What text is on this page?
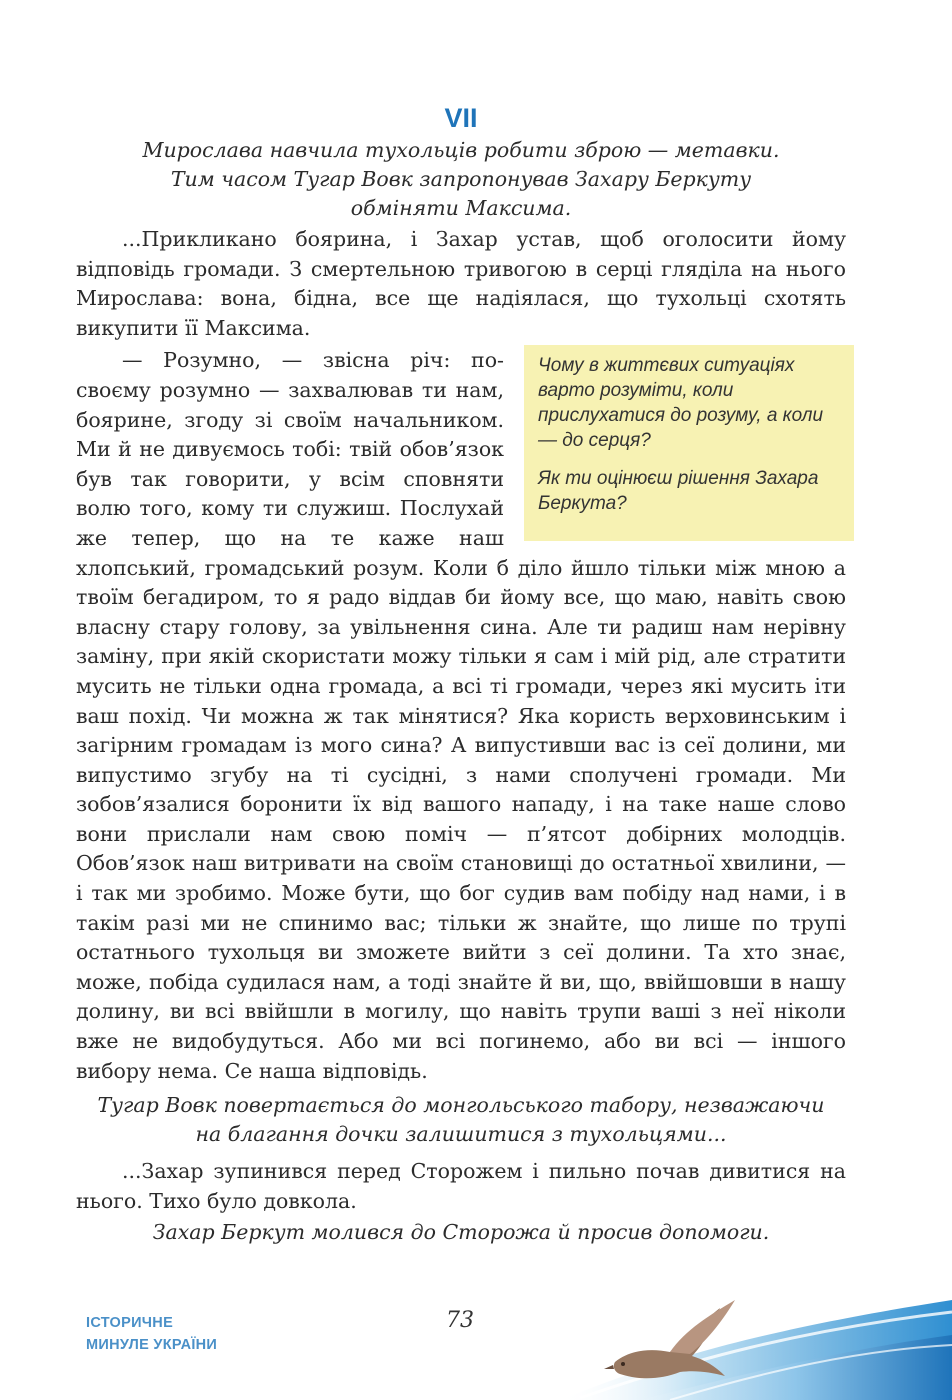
VII

Мирослава навчила тухольців робити зброю — метавки.

Тим часом Тугар Вовк запропонував Захару Беркуту

обміняти Максима.

...Прикликано боярина, і Захар устав, щоб оголосити йому відповідь громади. З смертельною тривогою в серці гляділа на нього Мирослава: вона, бідна, все ще надіялася, що тухольці схотять викупити її Максима.

Чому в життєвих ситуаціях варто розуміти, коли прислухатися до розуму, а коли — до серця?

Як ти оцінюєш рішення Захара Беркута?

— Розумно, — звісна річ: по-своєму розумно — захвалював ти нам, боярине, згоду зі своїм начальником. Ми й не дивуємось тобі: твій обов’язок був так говорити, у всім сповняти волю того, кому ти служиш. Послухай же тепер, що на те каже наш хлопський, громадський розум. Коли б діло йшло тільки між мною а твоїм бегадиром, то я радо віддав би йому все, що маю, навіть свою власну стару голову, за увільнення сина. Але ти радиш нам нерівну заміну, при якій скористати можу тільки я сам і мій рід, але стратити мусить не тільки одна громада, а всі ті громади, через які мусить іти ваш похід. Чи можна ж так мінятися? Яка користь верховинським і загірним громадам із мого сина? А випустивши вас із сеї долини, ми випустимо згубу на ті сусідні, з нами сполучені громади. Ми зобов’язалися боронити їх від вашого нападу, і на таке наше слово вони прислали нам свою поміч — п’ятсот добірних молодців. Обов’язок наш витривати на своїм становищі до остатньої хвилини, — і так ми зробимо. Може бути, що бог судив вам побіду над нами, і в такім разі ми не спинимо вас; тільки ж знайте, що лише по трупі остатнього тухольця ви зможете вийти з сеї долини. Та хто знає, може, побіда судилася нам, а тоді знайте й ви, що, ввійшовши в нашу долину, ви всі ввійшли в могилу, що навіть трупи ваші з неї ніколи вже не видобудуться. Або ми всі погинемо, або ви всі — іншого вибору нема. Се наша відповідь.

Тугар Вовк повертається до монгольського табору, незважаючи

на благання дочки залишитися з тухольцями...

...Захар зупинився перед Сторожем і пильно почав дивитися на нього. Тихо було довкола.

Захар Беркут молився до Сторожа й просив допомоги.

ІСТОРИЧНЕ
МИНУЛЕ УКРАЇНИ
73
